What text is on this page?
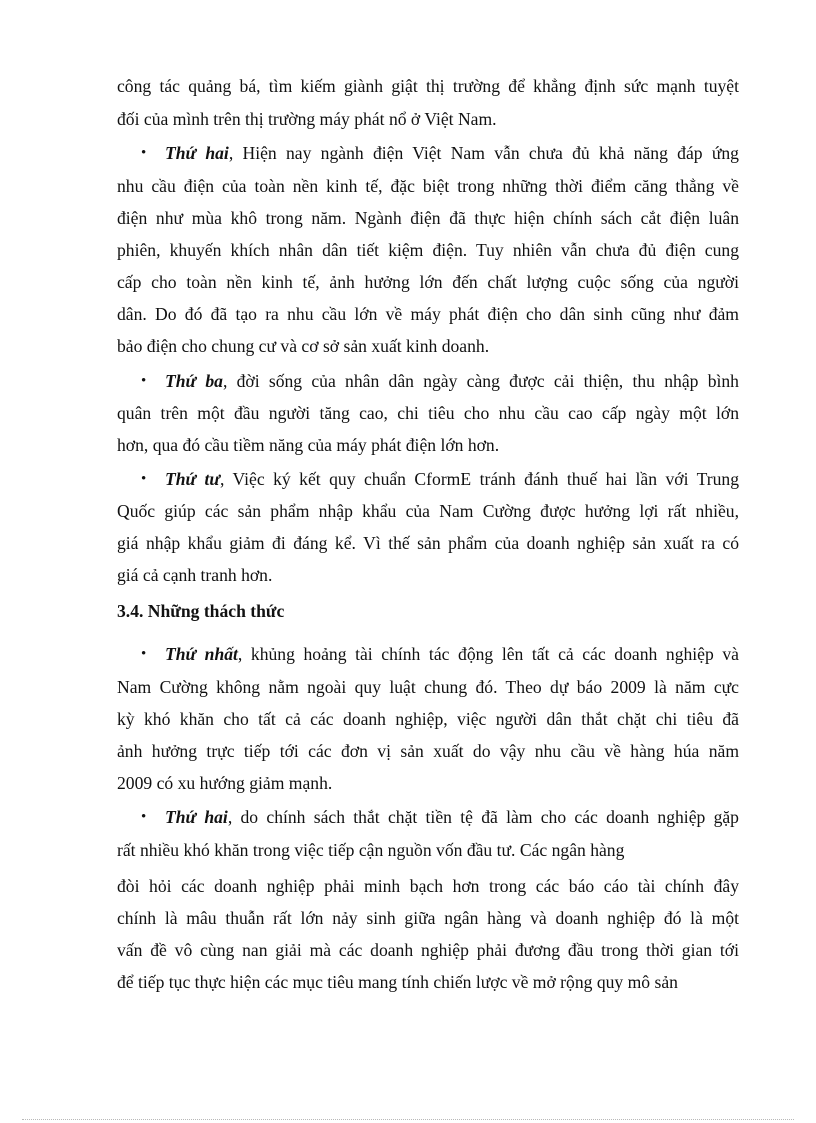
công tác quảng bá, tìm kiếm giành giật thị trường để khẳng định sức mạnh tuyệt
đối của mình trên thị trường máy phát nổ ở Việt Nam.
• Thứ hai, Hiện nay ngành điện Việt Nam vẫn chưa đủ khả năng đáp ứng
nhu cầu điện của toàn nền kinh tế, đặc biệt trong những thời điểm căng thẳng về
điện như mùa khô trong năm. Ngành điện đã thực hiện chính sách cắt điện luân
phiên, khuyến khích nhân dân tiết kiệm điện. Tuy nhiên vẫn chưa đủ điện cung
cấp cho toàn nền kinh tế, ảnh hưởng lớn đến chất lượng cuộc sống của người
dân. Do đó đã tạo ra nhu cầu lớn về máy phát điện cho dân sinh cũng như đảm
bảo điện cho chung cư và cơ sở sản xuất kinh doanh.
• Thứ ba, đời sống của nhân dân ngày càng được cải thiện, thu nhập bình
quân trên một đầu người tăng cao, chi tiêu cho nhu cầu cao cấp ngày một lớn
hơn, qua đó cầu tiềm năng của máy phát điện lớn hơn.
• Thứ tư, Việc ký kết quy chuẩn CformE tránh đánh thuế hai lần với Trung
Quốc giúp các sản phẩm nhập khẩu của Nam Cường được hưởng lợi rất nhiều,
giá nhập khẩu giảm đi đáng kể. Vì thế sản phẩm của doanh nghiệp sản xuất ra có
giá cả cạnh tranh hơn.
3.4. Những thách thức
• Thứ nhất, khủng hoảng tài chính tác động lên tất cả các doanh nghiệp và
Nam Cường không nằm ngoài quy luật chung đó. Theo dự báo 2009 là năm cực
kỳ khó khăn cho tất cả các doanh nghiệp, việc người dân thắt chặt chi tiêu đã
ảnh hưởng trực tiếp tới các đơn vị sản xuất do vậy nhu cầu về hàng húa năm
2009 có xu hướng giảm mạnh.
• Thứ hai, do chính sách thắt chặt tiền tệ đã làm cho các doanh nghiệp gặp
rất nhiều khó khăn trong việc tiếp cận nguồn vốn đầu tư. Các ngân hàng
đòi hỏi các doanh nghiệp phải minh bạch hơn trong các báo cáo tài chính đây
chính là mâu thuẫn rất lớn nảy sinh giữa ngân hàng và doanh nghiệp đó là một
vấn đề vô cùng nan giải mà các doanh nghiệp phải đương đầu trong thời gian tới
để tiếp tục thực hiện các mục tiêu mang tính chiến lược về mở rộng quy mô sản
